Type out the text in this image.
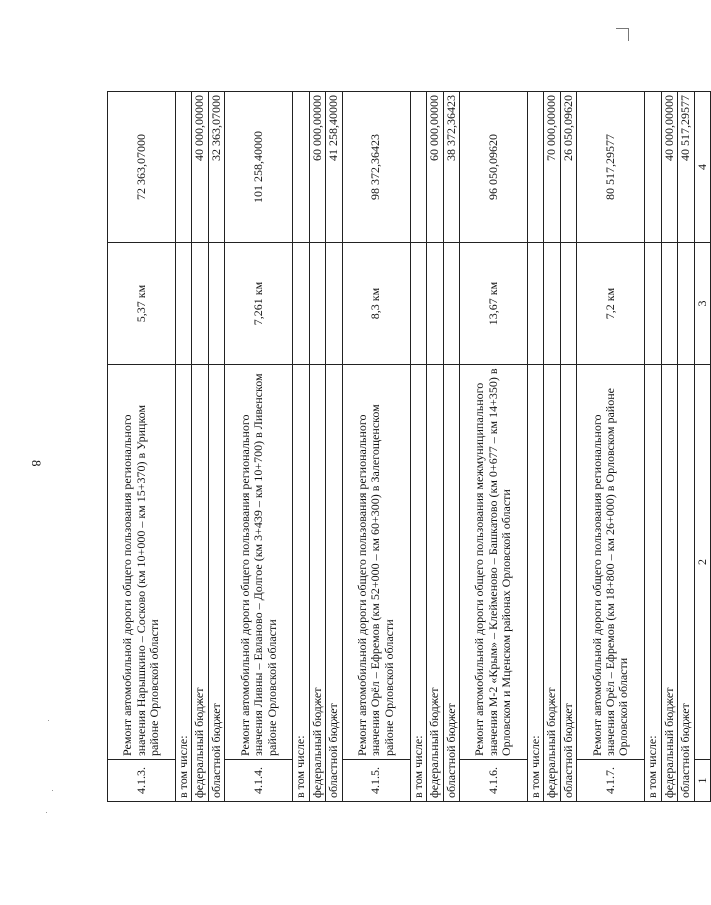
8
4.1.3.	Ремонт автомобильной дороги общего пользования регионального значения Нарышкино – Сосково (км 10+000 – км 15+370) в Урицком районе Орловской области	5,37 км	72 363,07000
в том числе:			
федеральный бюджет			40 000,00000
областной бюджет			32 363,07000
4.1.4.	Ремонт автомобильной дороги общего пользования регионального значения Ливны – Евланово – Долгое (км 3+439 – км 10+700) в Ливенском районе Орловской области	7,261 км	101 258,40000
в том числе:			
федеральный бюджет			60 000,00000
областной бюджет			41 258,40000
4.1.5.	Ремонт автомобильной дороги общего пользования регионального значения Орёл – Ефремов (км 52+000 – км 60+300) в Залегощенском районе Орловской области	8,3 км	98 372,36423
в том числе:			
федеральный бюджет			60 000,00000
областной бюджет			38 372,36423
4.1.6.	Ремонт автомобильной дороги общего пользования межмуниципального значения М-2 «Крым» – Клейменово – Башкатово (км 0+677 – км 14+350) в Орловском и Мценском районах Орловской области	13,67 км	96 050,09620
в том числе:			
федеральный бюджет			70 000,00000
областной бюджет			26 050,09620
4.1.7.	Ремонт автомобильной дороги общего пользования регионального значения Орёл – Ефремов (км 18+800 – км 26+000) в Орловском районе Орловской области	7,2 км	80 517,29577
в том числе:			
федеральный бюджет			40 000,00000
областной бюджет			40 517,29577
1	2	3	4
